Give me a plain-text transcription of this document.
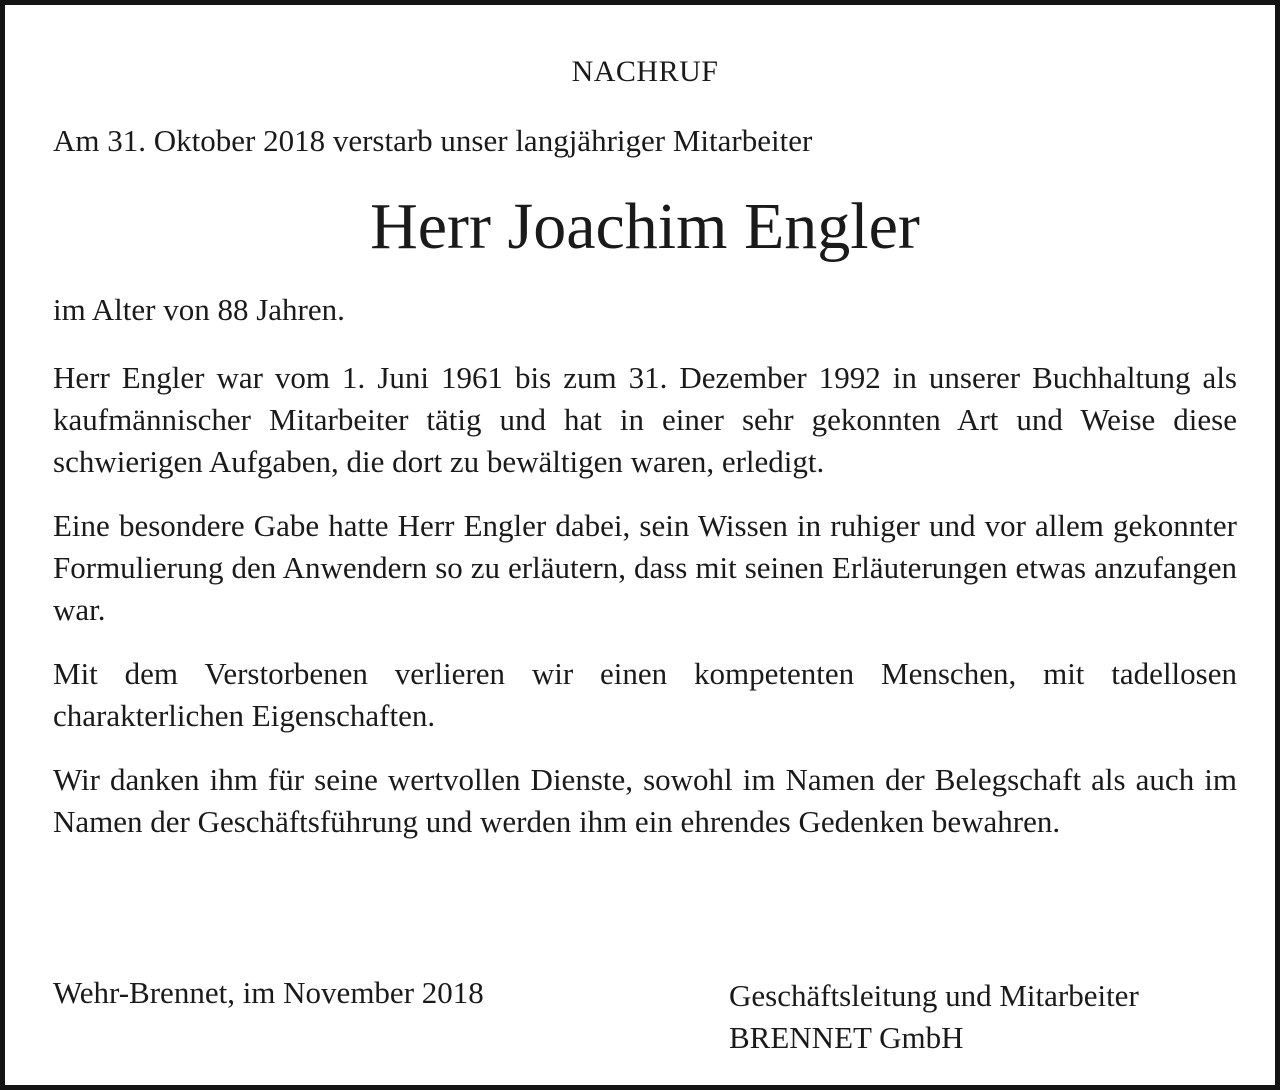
NACHRUF
Am 31. Oktober 2018 verstarb unser langjähriger Mitarbeiter
Herr Joachim Engler

im Alter von 88 Jahren.

Herr Engler war vom 1. Juni 1961 bis zum 31. Dezember 1992 in unserer Buchhaltung als kaufmännischer Mitarbeiter tätig und hat in einer sehr gekonnten Art und Weise diese schwierigen Aufgaben, die dort zu bewältigen waren, erledigt.

Eine besondere Gabe hatte Herr Engler dabei, sein Wissen in ruhiger und vor allem gekonnter Formulierung den Anwendern so zu erläutern, dass mit seinen Erläuterungen etwas anzufangen war.

Mit dem Verstorbenen verlieren wir einen kompetenten Menschen, mit tadellosen charakterlichen Eigenschaften.

Wir danken ihm für seine wertvollen Dienste, sowohl im Namen der Belegschaft als auch im Namen der Geschäftsführung und werden ihm ein ehrendes Gedenken bewahren.

Wehr-Brennet, im November 2018	Geschäftsleitung und Mitarbeiter
BRENNET GmbH
